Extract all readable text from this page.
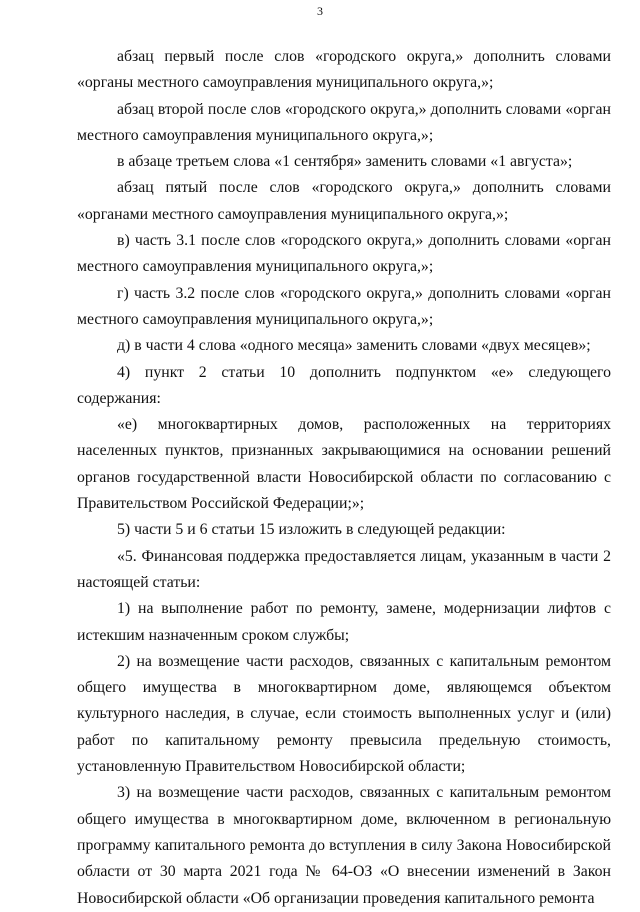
3

абзац первый после слов «городского округа,» дополнить словами «органы местного самоуправления муниципального округа,»;

абзац второй после слов «городского округа,» дополнить словами «орган местного самоуправления муниципального округа,»;

в абзаце третьем слова «1 сентября» заменить словами «1 августа»;

абзац пятый после слов «городского округа,» дополнить словами «органами местного самоуправления муниципального округа,»;

в) часть 3.1 после слов «городского округа,» дополнить словами «орган местного самоуправления муниципального округа,»;

г) часть 3.2 после слов «городского округа,» дополнить словами «орган местного самоуправления муниципального округа,»;

д) в части 4 слова «одного месяца» заменить словами «двух месяцев»;

4) пункт 2 статьи 10 дополнить подпунктом «е» следующего содержания:

«е) многоквартирных домов, расположенных на территориях населенных пунктов, признанных закрывающимися на основании решений органов государственной власти Новосибирской области по согласованию с Правительством Российской Федерации;»;

5) части 5 и 6 статьи 15 изложить в следующей редакции:

«5. Финансовая поддержка предоставляется лицам, указанным в части 2 настоящей статьи:

1) на выполнение работ по ремонту, замене, модернизации лифтов с истекшим назначенным сроком службы;

2) на возмещение части расходов, связанных с капитальным ремонтом общего имущества в многоквартирном доме, являющемся объектом культурного наследия, в случае, если стоимость выполненных услуг и (или) работ по капитальному ремонту превысила предельную стоимость, установленную Правительством Новосибирской области;

3) на возмещение части расходов, связанных с капитальным ремонтом общего имущества в многоквартирном доме, включенном в региональную программу капитального ремонта до вступления в силу Закона Новосибирской области от 30 марта 2021 года № 64-ОЗ «О внесении изменений в Закон Новосибирской области «Об организации проведения капитального ремонта
